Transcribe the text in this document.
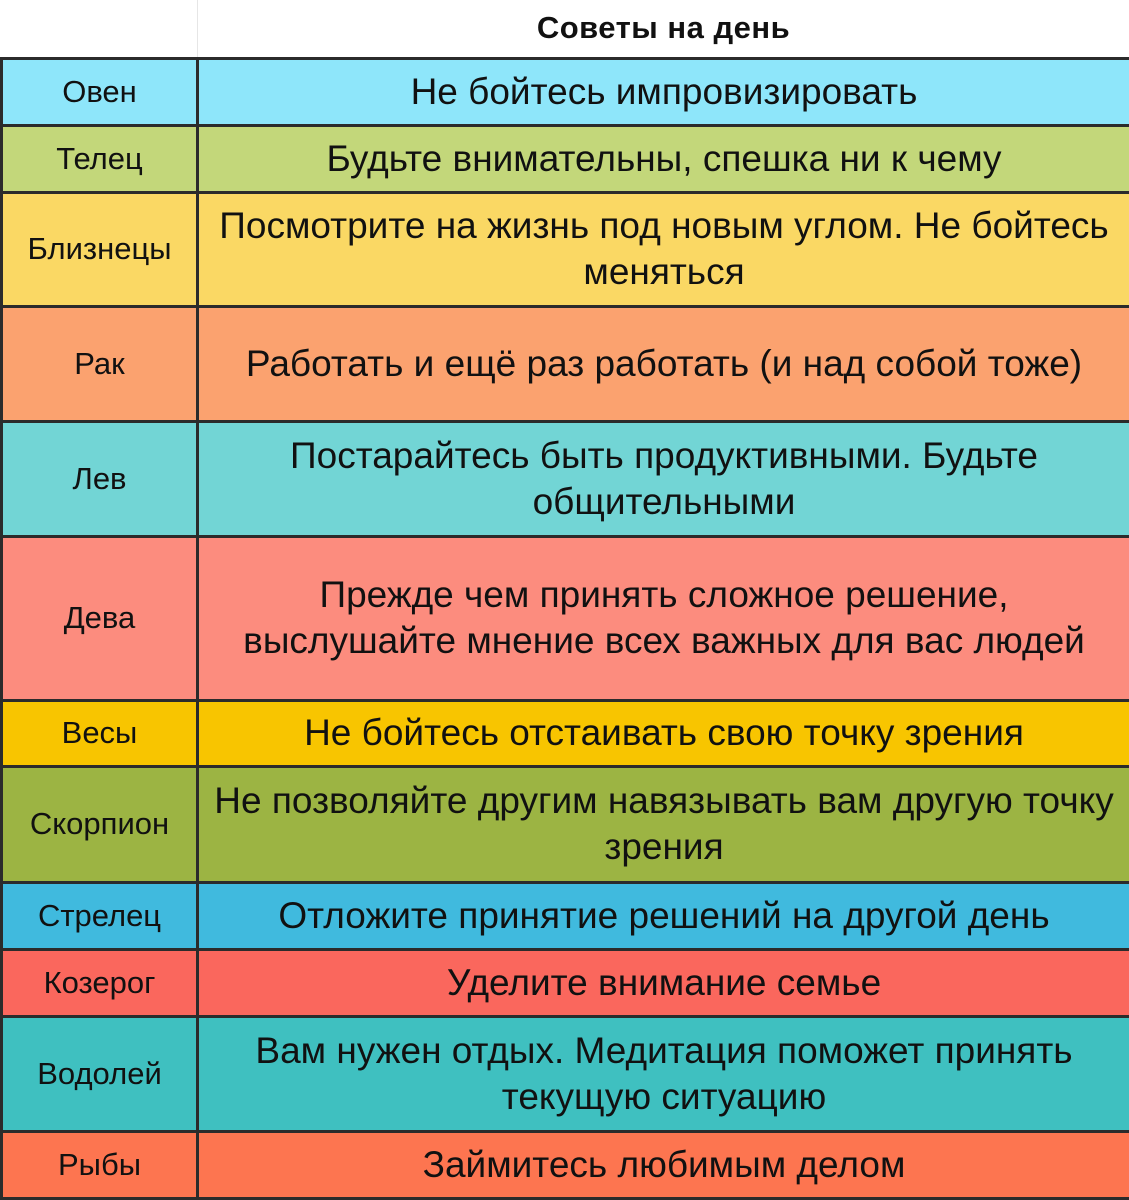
	Советы на день
Овен	Не бойтесь импровизировать
Телец	Будьте внимательны, спешка ни к чему
Близнецы	Посмотрите на жизнь под новым углом. Не бойтесь меняться
Рак	Работать и ещё раз работать (и над собой тоже)
Лев	Постарайтесь быть продуктивными. Будьте общительными
Дева	Прежде чем принять сложное решение, выслушайте мнение всех важных для вас людей
Весы	Не бойтесь отстаивать свою точку зрения
Скорпион	Не позволяйте другим навязывать вам другую точку зрения
Стрелец	Отложите принятие решений на другой день
Козерог	Уделите внимание семье
Водолей	Вам нужен отдых. Медитация поможет принять текущую ситуацию
Рыбы	Займитесь любимым делом
